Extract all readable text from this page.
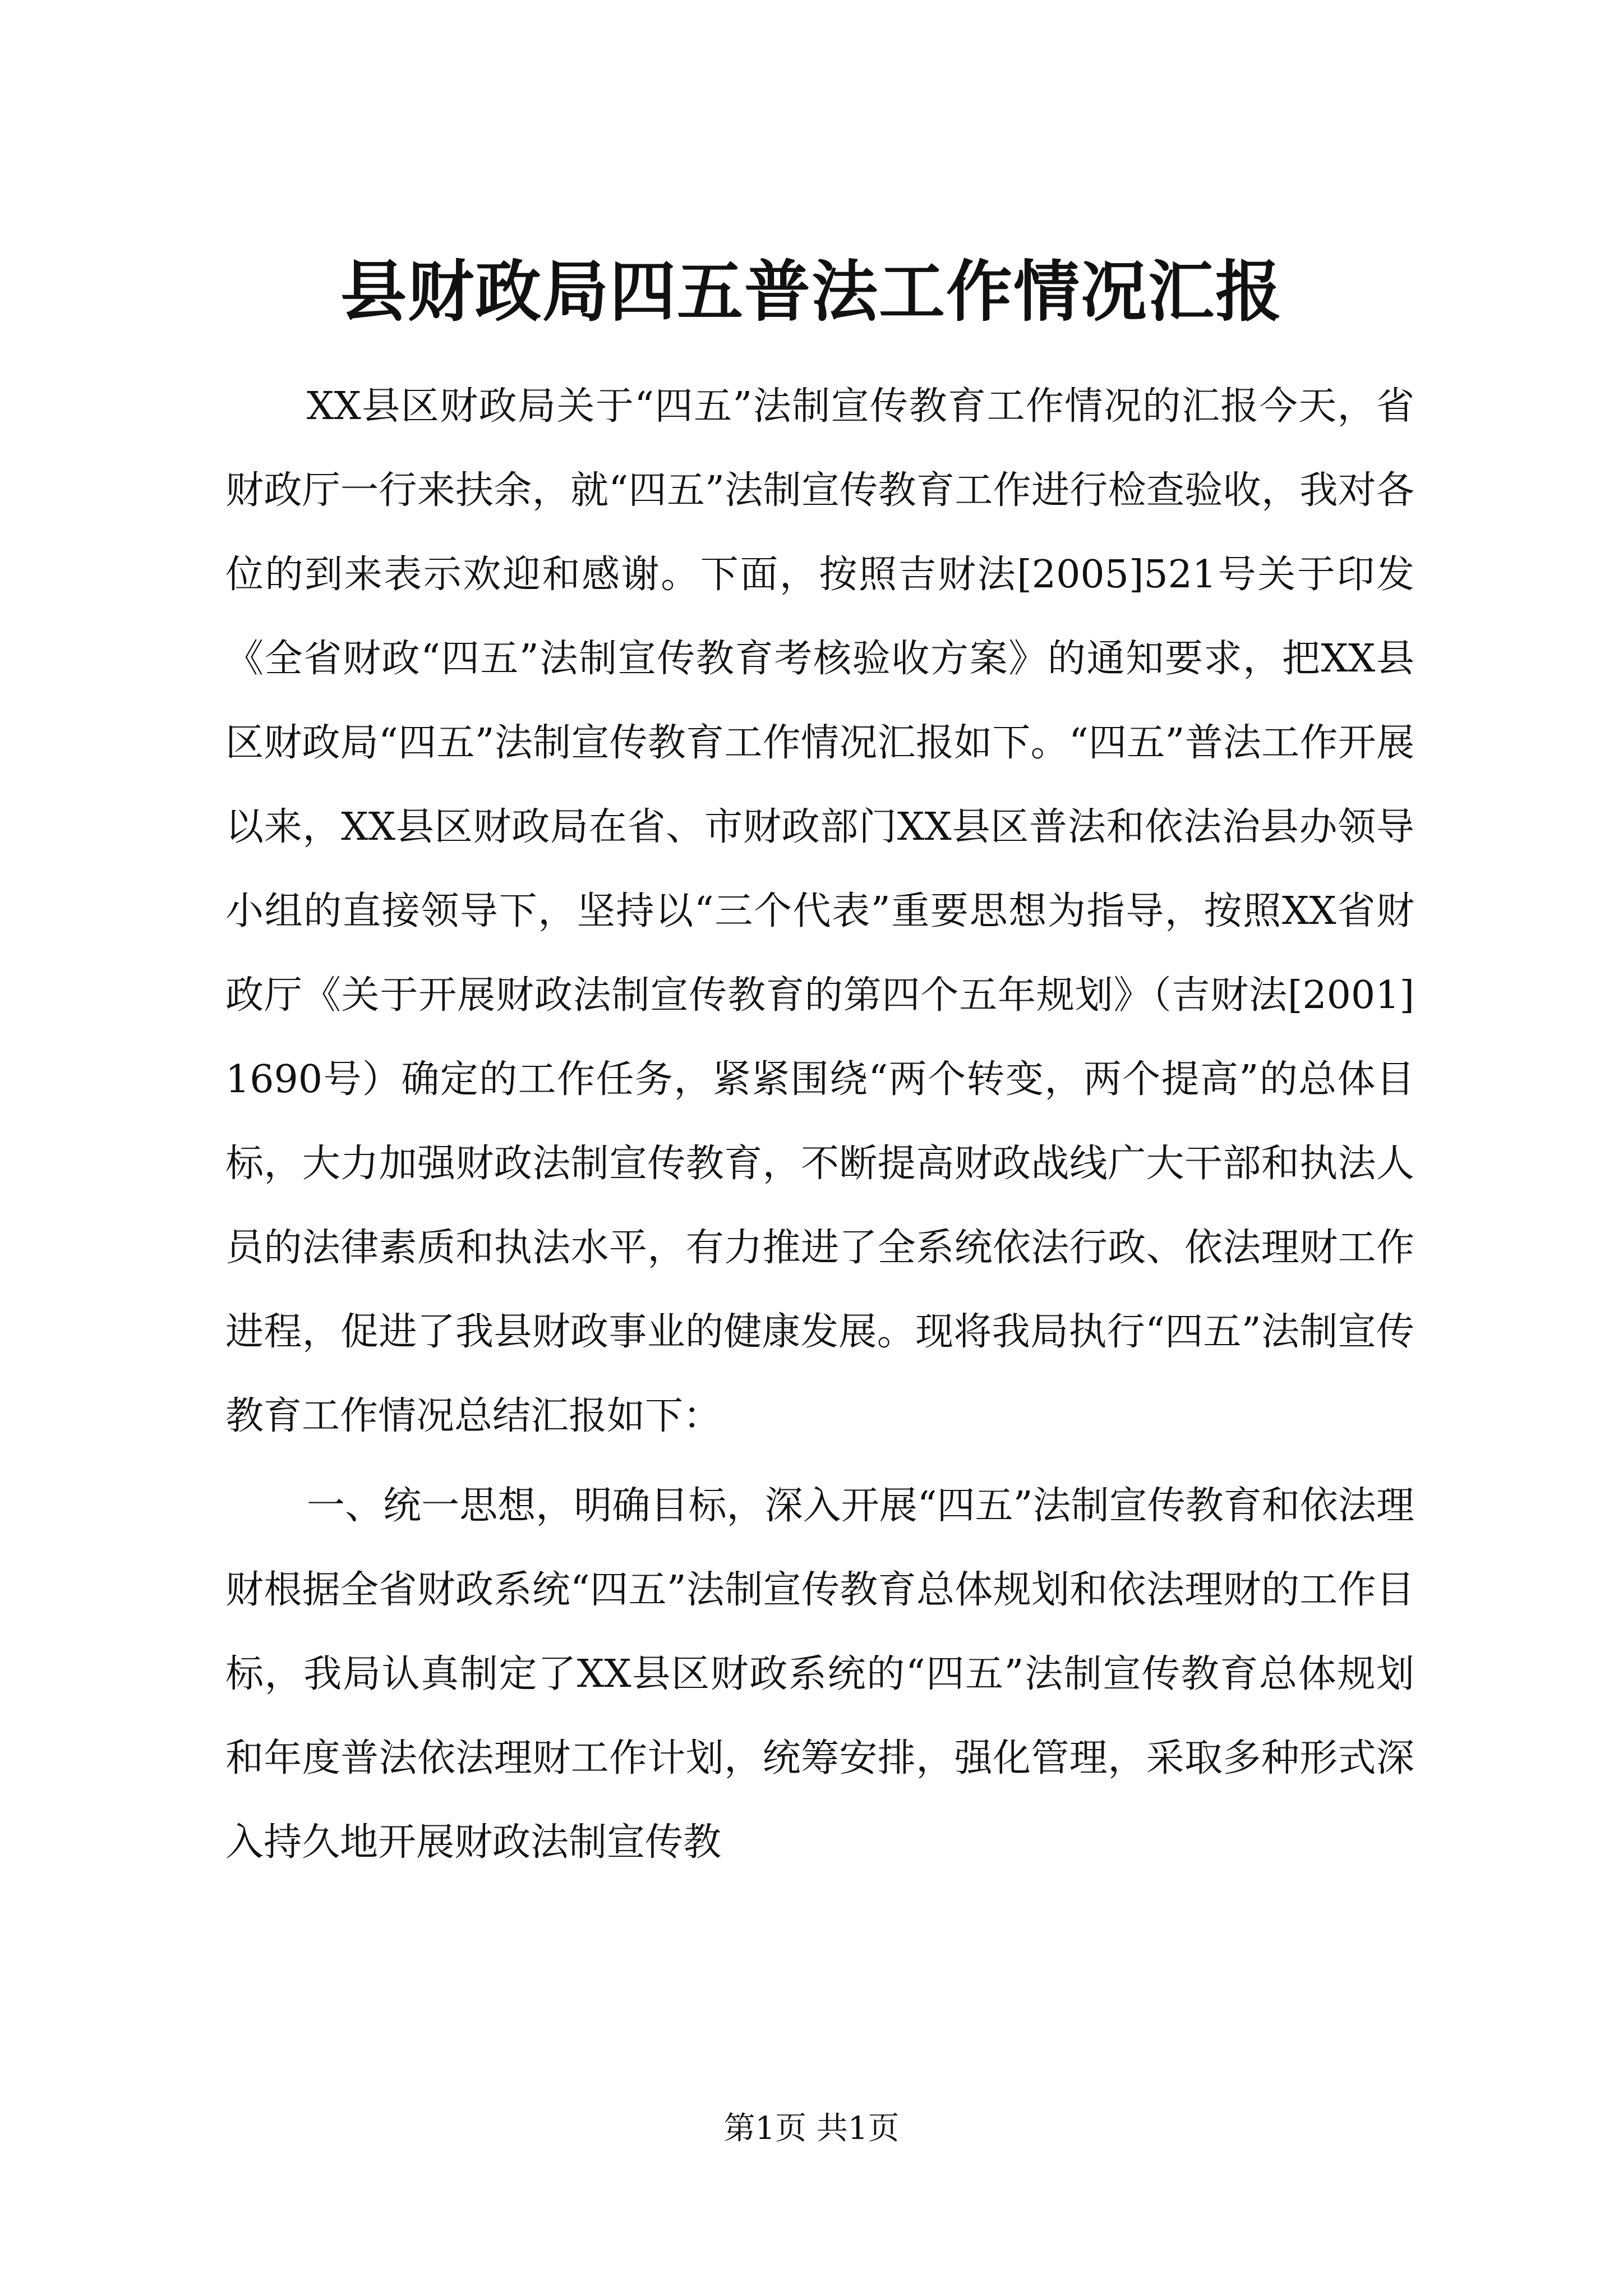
县财政局四五普法工作情况汇报

XX县区财政局关于“四五”法制宣传教育工作情况的汇报今天，省财政厅一行来扶余，就“四五”法制宣传教育工作进行检查验收，我对各位的到来表示欢迎和感谢。下面，按照吉财法[2005]521号关于印发《全省财政“四五”法制宣传教育考核验收方案》的通知要求，把XX县区财政局“四五”法制宣传教育工作情况汇报如下。“四五”普法工作开展以来，XX县区财政局在省、市财政部门XX县区普法和依法治县办领导小组的直接领导下，坚持以“三个代表”重要思想为指导，按照XX省财政厅《关于开展财政法制宣传教育的第四个五年规划》（吉财法[2001]1690号）确定的工作任务，紧紧围绕“两个转变，两个提高”的总体目标，大力加强财政法制宣传教育，不断提高财政战线广大干部和执法人员的法律素质和执法水平，有力推进了全系统依法行政、依法理财工作进程，促进了我县财政事业的健康发展。现将我局执行“四五”法制宣传教育工作情况总结汇报如下：

一、统一思想，明确目标，深入开展“四五”法制宣传教育和依法理财根据全省财政系统“四五”法制宣传教育总体规划和依法理财的工作目标，我局认真制定了XX县区财政系统的“四五”法制宣传教育总体规划和年度普法依法理财工作计划，统筹安排，强化管理，采取多种形式深入持久地开展财政法制宣传教

第1页 共1页
